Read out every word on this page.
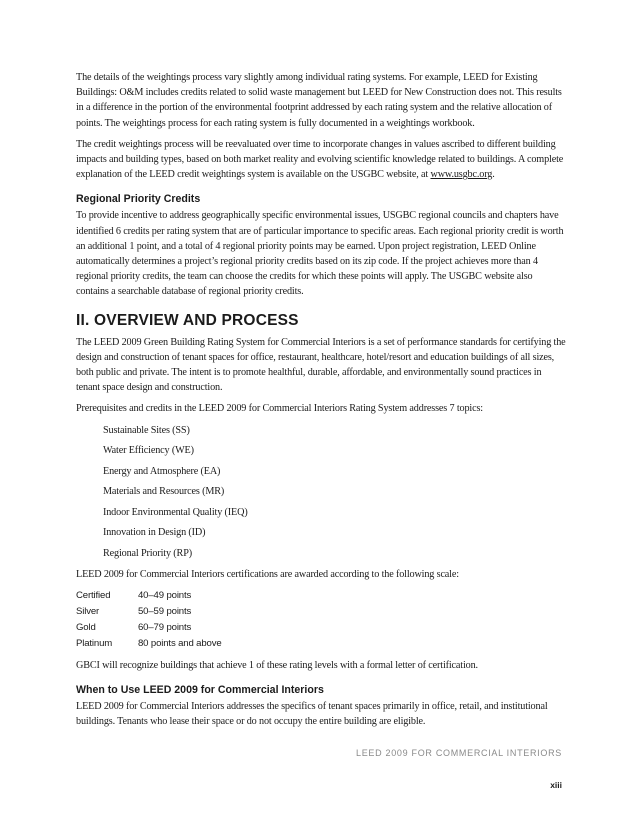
The details of the weightings process vary slightly among individual rating systems. For example, LEED for Existing Buildings: O&M includes credits related to solid waste management but LEED for New Construction does not. This results in a difference in the portion of the environmental footprint addressed by each rating system and the relative allocation of points. The weightings process for each rating system is fully documented in a weightings workbook.

The credit weightings process will be reevaluated over time to incorporate changes in values ascribed to different building impacts and building types, based on both market reality and evolving scientific knowledge related to buildings. A complete explanation of the LEED credit weightings system is available on the USGBC website, at www.usgbc.org.

Regional Priority Credits

To provide incentive to address geographically specific environmental issues, USGBC regional councils and chapters have identified 6 credits per rating system that are of particular importance to specific areas. Each regional priority credit is worth an additional 1 point, and a total of 4 regional priority points may be earned. Upon project registration, LEED Online automatically determines a project’s regional priority credits based on its zip code. If the project achieves more than 4 regional priority credits, the team can choose the credits for which these points will apply. The USGBC website also contains a searchable database of regional priority credits.

II. OVERVIEW AND PROCESS

The LEED 2009 Green Building Rating System for Commercial Interiors is a set of performance standards for certifying the design and construction of tenant spaces for office, restaurant, healthcare, hotel/resort and education buildings of all sizes, both public and private. The intent is to promote healthful, durable, affordable, and environmentally sound practices in tenant space design and construction.

Prerequisites and credits in the LEED 2009 for Commercial Interiors Rating System addresses 7 topics:

Sustainable Sites (SS)
Water Efficiency (WE)
Energy and Atmosphere (EA)
Materials and Resources (MR)
Indoor Environmental Quality (IEQ)
Innovation in Design (ID)
Regional Priority (RP)

LEED 2009 for Commercial Interiors certifications are awarded according to the following scale:

Certified	40–49 points
Silver	50–59 points
Gold	60–79 points
Platinum	80 points and above

GBCI will recognize buildings that achieve 1 of these rating levels with a formal letter of certification.

When to Use LEED 2009 for Commercial Interiors

LEED 2009 for Commercial Interiors addresses the specifics of tenant spaces primarily in office, retail, and institutional buildings. Tenants who lease their space or do not occupy the entire building are eligible.

LEED 2009 FOR COMMERCIAL INTERIORS
xiii
